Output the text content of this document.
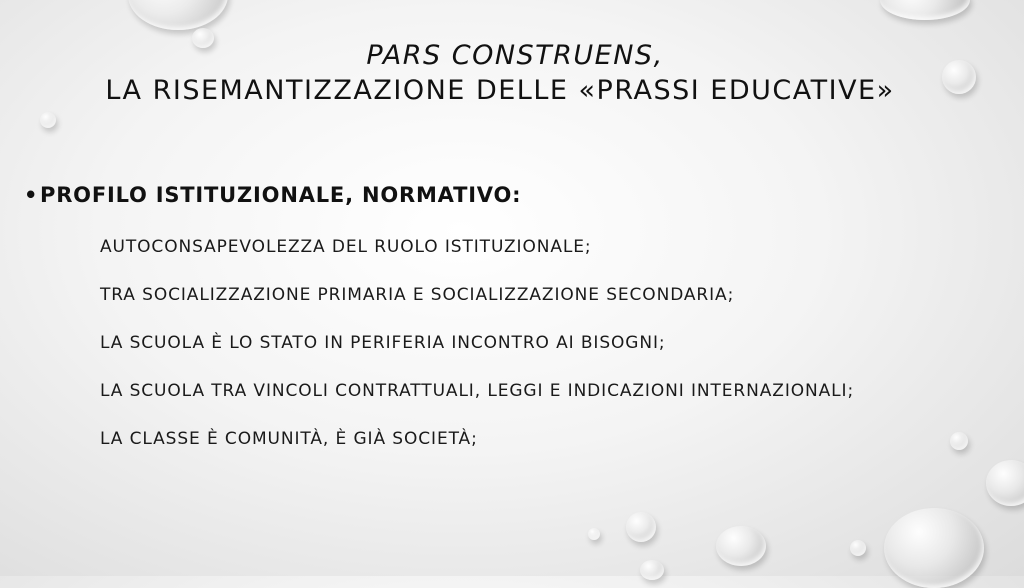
PARS CONSTRUENS,
LA RISEMANTIZZAZIONE DELLE «PRASSI EDUCATIVE»
•PROFILO ISTITUZIONALE, NORMATIVO:
AUTOCONSAPEVOLEZZA DEL RUOLO ISTITUZIONALE;
TRA SOCIALIZZAZIONE PRIMARIA E SOCIALIZZAZIONE SECONDARIA;
LA SCUOLA È LO STATO IN PERIFERIA INCONTRO AI BISOGNI;
LA SCUOLA TRA VINCOLI CONTRATTUALI, LEGGI E INDICAZIONI INTERNAZIONALI;
LA CLASSE È COMUNITÀ, È GIÀ SOCIETÀ;
